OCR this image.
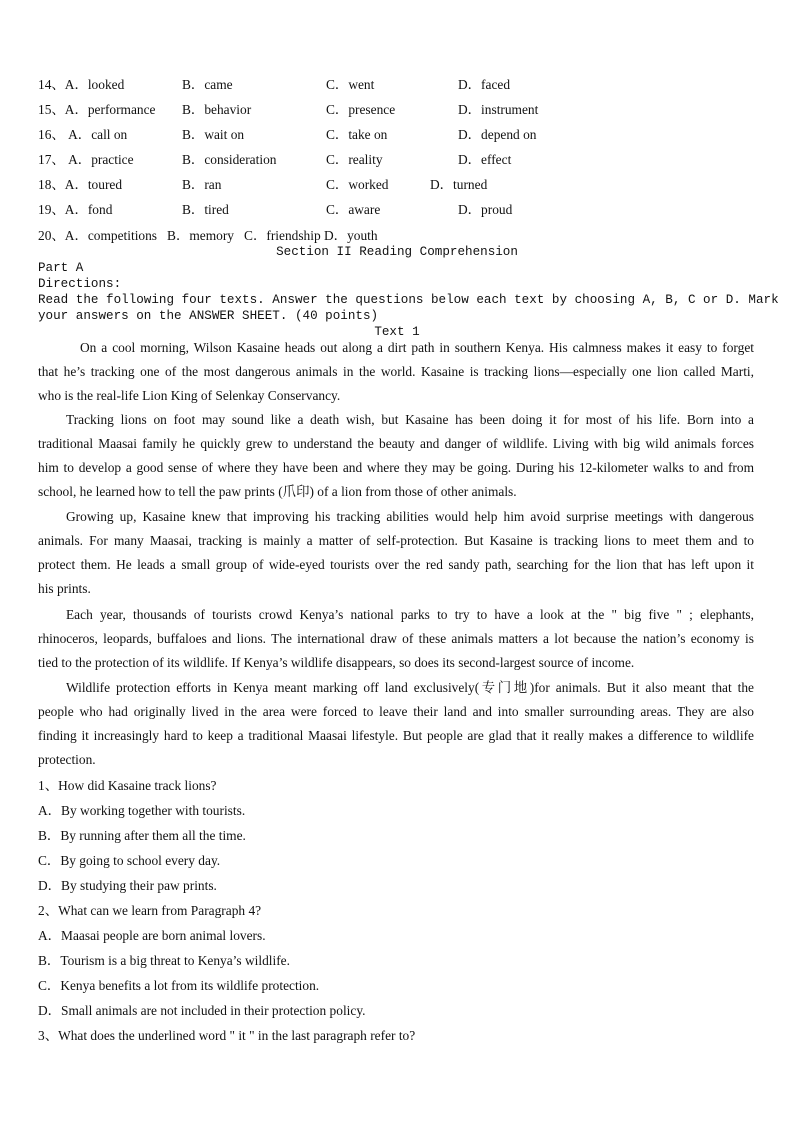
14、A．looked	B．came	C．went	D．faced
15、A．performance B．behavior	C．presence	D．instrument
16、 A．call on	B．wait on	C．take on	D．depend on
17、 A．practice	B．consideration	C．reality	D．effect
18、A．toured	B．ran	C．worked	D．turned
19、A．fond	B．tired	C．aware	D．proud
20、A．competitions   B．memory   C．friendship D．youth
Section II Reading Comprehension
Part A
Directions:
Read the following four texts. Answer the questions below each text by choosing A, B, C or D. Mark
your answers on the ANSWER SHEET. (40 points)
Text 1
On a cool morning, Wilson Kasaine heads out along a dirt path in southern Kenya. His calmness makes it easy to forget
that he’s tracking one of the most dangerous animals in the world. Kasaine is tracking lions—especially one lion called Marti,
who is the real-life Lion King of Selenkay Conservancy.
Tracking lions on foot may sound like a death wish, but Kasaine has been doing it for most of his life. Born into a
traditional Maasai family he quickly grew to understand the beauty and danger of wildlife. Living with big wild animals forces
him to develop a good sense of where they have been and where they may be going. During his 12-kilometer walks to and from
school, he learned how to tell the paw prints (爪印) of a lion from those of other animals.
Growing up, Kasaine knew that improving his tracking abilities would help him avoid surprise meetings with dangerous
animals. For many Maasai, tracking is mainly a matter of self-protection. But Kasaine is tracking lions to meet them and to
protect them. He leads a small group of wide-eyed tourists over the red sandy path, searching for the lion that has left upon it
his prints.
Each year, thousands of tourists crowd Kenya’s national parks to try to have a look at the " big five " ; elephants,
rhinoceros, leopards, buffaloes and lions. The international draw of these animals matters a lot because the nation’s economy is
tied to the protection of its wildlife. If Kenya’s wildlife disappears, so does its second-largest source of income.
Wildlife protection efforts in Kenya meant marking off land exclusively(专门地)for animals. But it also meant that the
people who had originally lived in the area were forced to leave their land and into smaller surrounding areas. They are also
finding it increasingly hard to keep a traditional Maasai lifestyle. But people are glad that it really makes a difference to wildlife
protection.
1、How did Kasaine track lions?
A．By working together with tourists.
B．By running after them all the time.
C．By going to school every day.
D．By studying their paw prints.
2、What can we learn from Paragraph 4?
A．Maasai people are born animal lovers.
B．Tourism is a big threat to Kenya’s wildlife.
C．Kenya benefits a lot from its wildlife protection.
D．Small animals are not included in their protection policy.
3、What does the underlined word " it " in the last paragraph refer to?
